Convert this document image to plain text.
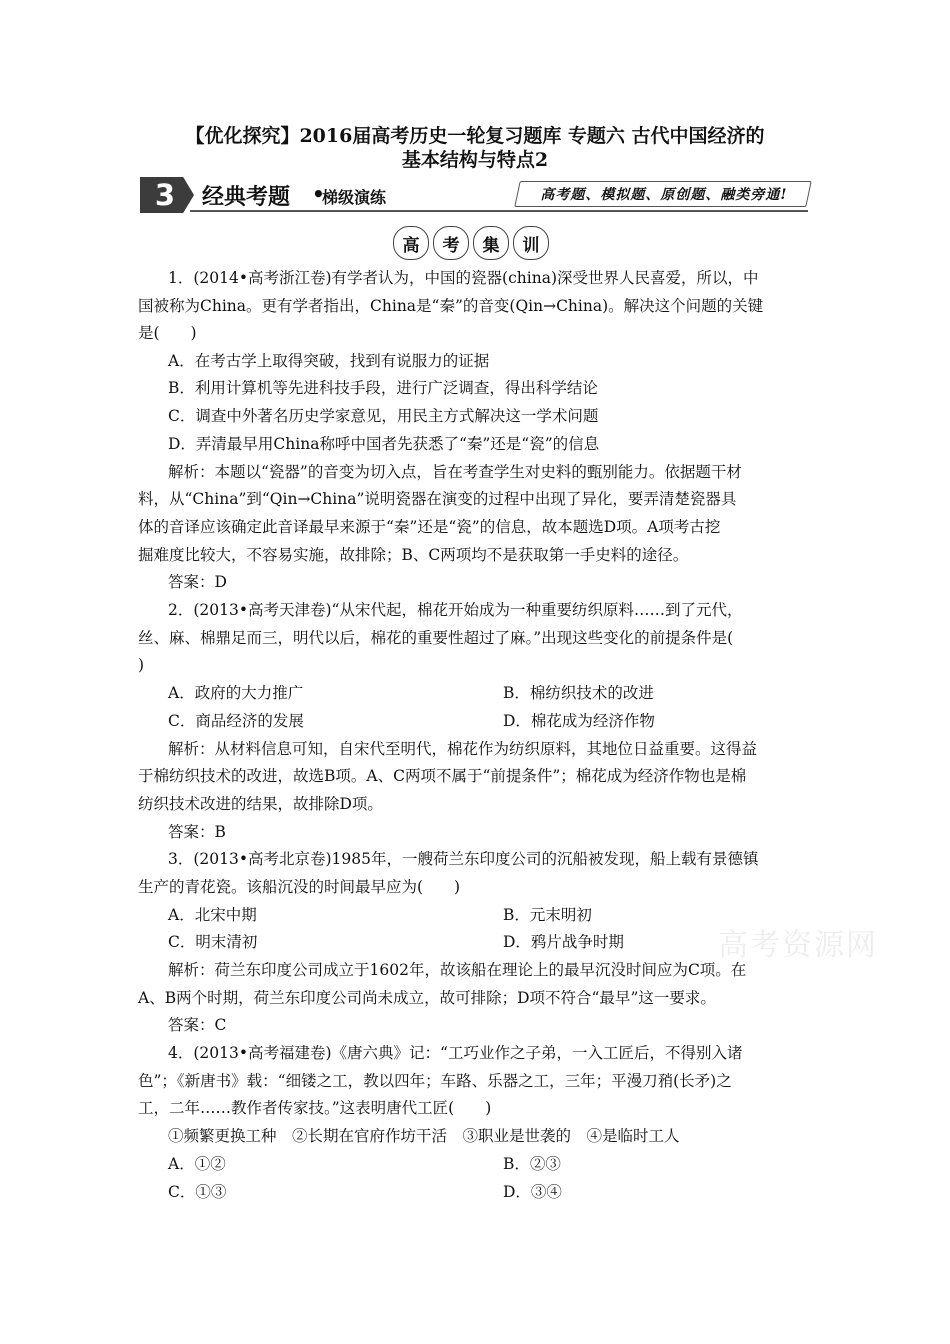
【优化探究】2016届高考历史一轮复习题库 专题六 古代中国经济的
基本结构与特点2
3 经典考题 •
梯级演练	高考题、模拟题、原创题、融类旁通!
高	考	集	训
1．(2014•高考浙江卷)有学者认为，中国的瓷器(china)深受世界人民喜爱，所以，中
国被称为China。更有学者指出，China是“秦”的音变(Qin→China)。解决这个问题的关键
是(　　)
A．在考古学上取得突破，找到有说服力的证据
B．利用计算机等先进科技手段，进行广泛调查，得出科学结论
C．调查中外著名历史学家意见，用民主方式解决这一学术问题
D．弄清最早用China称呼中国者先获悉了“秦”还是“瓷”的信息
解析：本题以“瓷器”的音变为切入点，旨在考查学生对史料的甄别能力。依据题干材
料，从“China”到“Qin→China”说明瓷器在演变的过程中出现了异化，要弄清楚瓷器具
体的音译应该确定此音译最早来源于“秦”还是“瓷”的信息，故本题选D项。A项考古挖
掘难度比较大，不容易实施，故排除；B、C两项均不是获取第一手史料的途径。
答案：D
2．(2013•高考天津卷)“从宋代起，棉花开始成为一种重要纺织原料……到了元代，
丝、麻、棉鼎足而三，明代以后，棉花的重要性超过了麻。”出现这些变化的前提条件是(
)
A．政府的大力推广	B．棉纺织技术的改进
C．商品经济的发展	D．棉花成为经济作物
解析：从材料信息可知，自宋代至明代，棉花作为纺织原料，其地位日益重要。这得益
于棉纺织技术的改进，故选B项。A、C两项不属于“前提条件”；棉花成为经济作物也是棉
纺织技术改进的结果，故排除D项。
答案：B
3．(2013•高考北京卷)1985年，一艘荷兰东印度公司的沉船被发现，船上载有景德镇
生产的青花瓷。该船沉没的时间最早应为(　　)
A．北宋中期	B．元末明初
C．明末清初	D．鸦片战争时期
解析：荷兰东印度公司成立于1602年，故该船在理论上的最早沉没时间应为C项。在
A、B两个时期，荷兰东印度公司尚未成立，故可排除；D项不符合“最早”这一要求。
答案：C
4．(2013•高考福建卷)《唐六典》记：“工巧业作之子弟，一入工匠后，不得别入诸
色”；《新唐书》载：“细镂之工，教以四年；车路、乐器之工，三年；平漫刀矟(长矛)之
工，二年……教作者传家技。”这表明唐代工匠(　　)
①频繁更换工种　②长期在官府作坊干活　③职业是世袭的　④是临时工人
A．①②	B．②③
C．①③	D．③④
高考资源网
